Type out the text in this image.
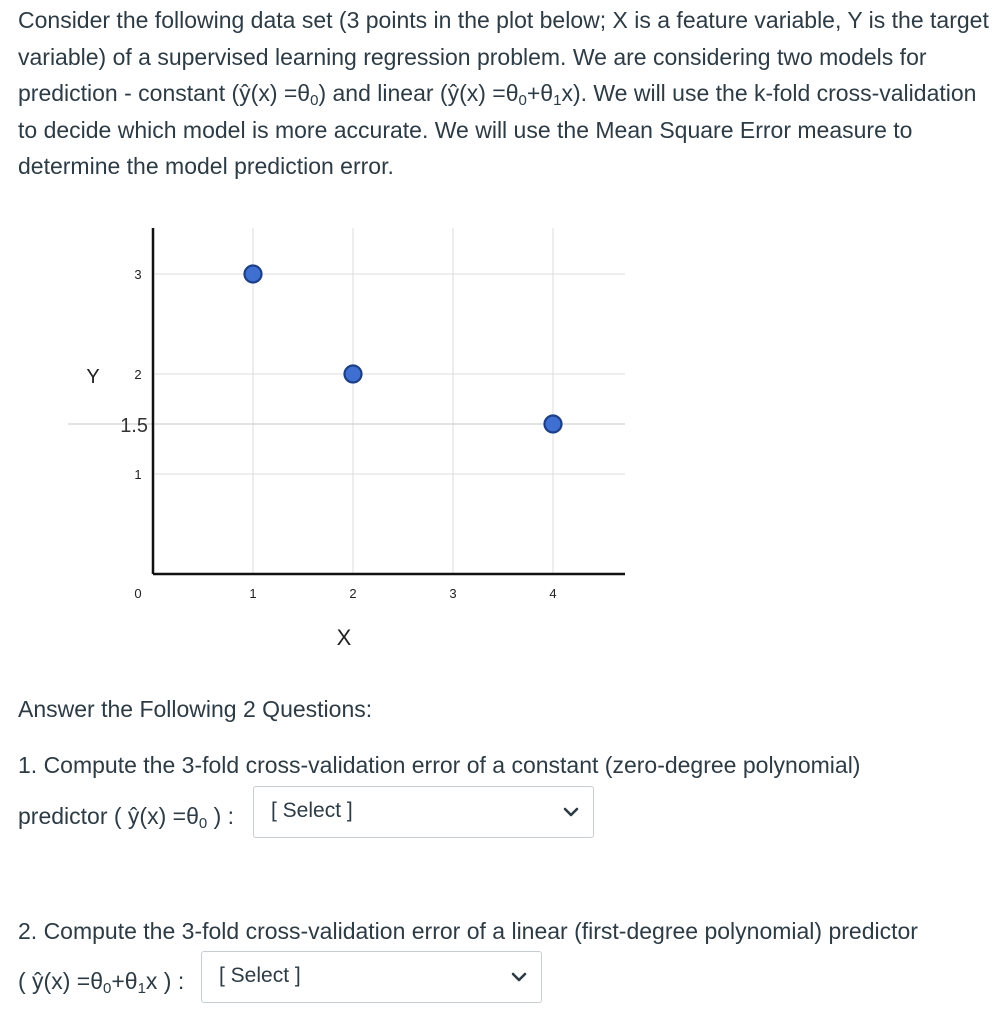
Consider the following data set (3 points in the plot below; X is a feature variable, Y is the target variable) of a supervised learning regression problem. We are considering two models for prediction - constant (ŷ(x) $=\theta_0$) and linear (ŷ(x) $=\theta_0+\theta_1x$). We will use the k-fold cross-validation to decide which model is more accurate. We will use the Mean Square Error measure to determine the model prediction error.

0	1	2	3	4
1
2
3
1.5
Y
X

Answer the Following 2 Questions:

1. Compute the 3-fold cross-validation error of a constant (zero-degree polynomial)

predictor ( ŷ(x) $=\theta_0$ ) : [ Select ]

2. Compute the 3-fold cross-validation error of a linear (first-degree polynomial) predictor

( ŷ(x) $=\theta_0+\theta_1x$ ) : [ Select ]
